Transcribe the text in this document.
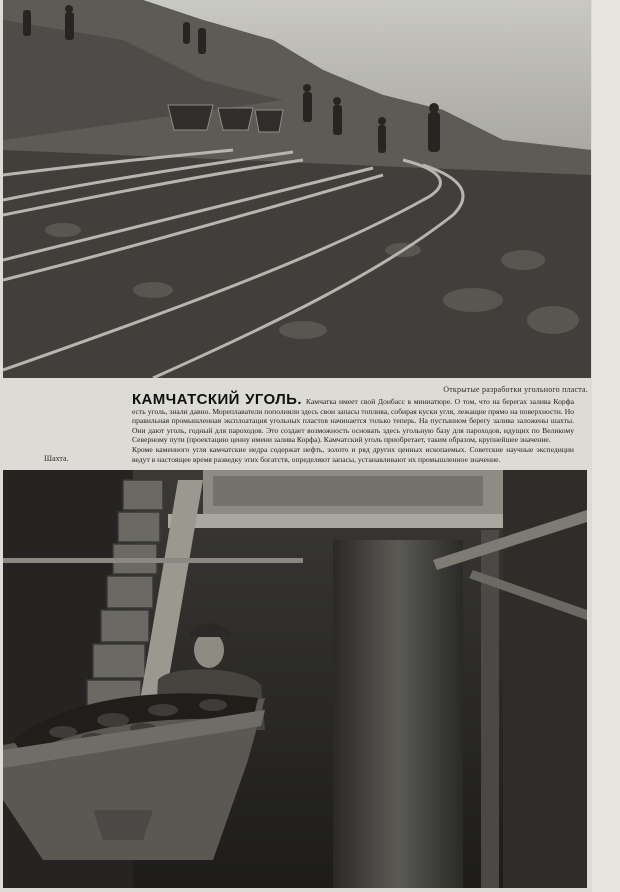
Открытые разработки угольного пласта.

КАМЧАТСКИЙ УГОЛЬ. Камчатка имеет свой Донбасс в миниатюре. О том, что на берегах залива Корфа есть уголь, знали давно. Мореплаватели пополняли здесь свои запасы топлива, собирая куски угля, лежащие прямо на поверхности. Но правильная промышленная эксплоатация угольных пластов начинается только теперь. На пустынном берегу залива заложены шахты. Они дают уголь, годный для пароходов. Это создает возможность основать здесь угольную базу для пароходов, идущих по Великому Северному пути (проектацию ценну имени залива Корфа). Камчатский уголь приобретает, таким образом, крупнейшее значение.

Кроме каменного угля камчатские недра содержат нефть, золото и ряд других ценных ископаемых. Советские научные экспедиции ведут в настоящее время разведку этих богатств, определяют запасы, устанавливают их промышленное значение.

Шахта.
